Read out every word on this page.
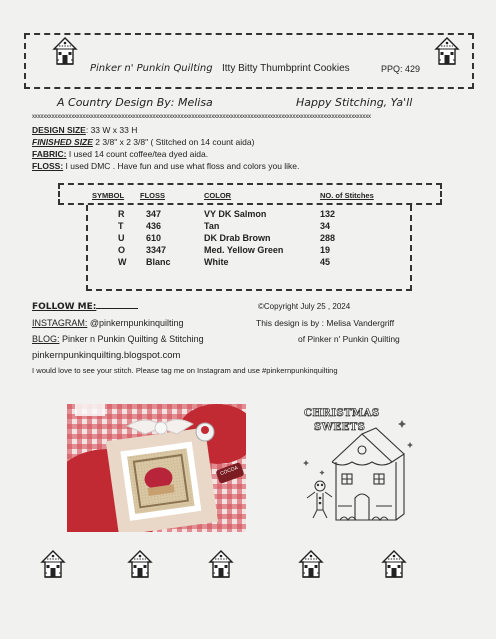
Pinker n' Punkin Quilting Itty Bitty Thumbprint Cookies	PPQ: 429
A Country Design By: Melisa	Happy Stitching, Ya'll
xxxxxxxxxxxxxxxxxxxxxxxxxxxxxxxxxxxxxxxxxxxxxxxxxxxxxxxxxxxxxxxxxxxxxxxxxxxxxxxxxxxxxxxxxxxxxxxxxxxxxxxxxxxxxxxxxxxxxxxxx
DESIGN SIZE: 33 W x 33 H
FINISHED SIZE 2 3/8" x 2 3/8" ( Stitched on 14 count aida)
FABRIC: I used 14 count coffee/tea dyed aida.
FLOSS: I used DMC . Have fun and use what floss and colors you like.
SYMBOL FLOSS	COLOR	NO. of Stitches
R 347	VY DK Salmon	132
T	436	Tan	34
U 610	DK Drab Brown	288
O 3347	Med. Yellow Green	19
W Blanc	White	45
FOLLOW ME:	©Copyright July 25 , 2024
INSTAGRAM: @pinkernpunkinquilting	This design is by : Melisa Vandergriff
BLOG: Pinker n Punkin Quilting & Stitching	of Pinker n' Punkin Quilting
pinkernpunkinquilting.blogspot.com
I would love to see your stitch. Please tag me on Instagram and use #pinkernpunkinquilting
COCOA
CHRISTMAS
SWEETS
